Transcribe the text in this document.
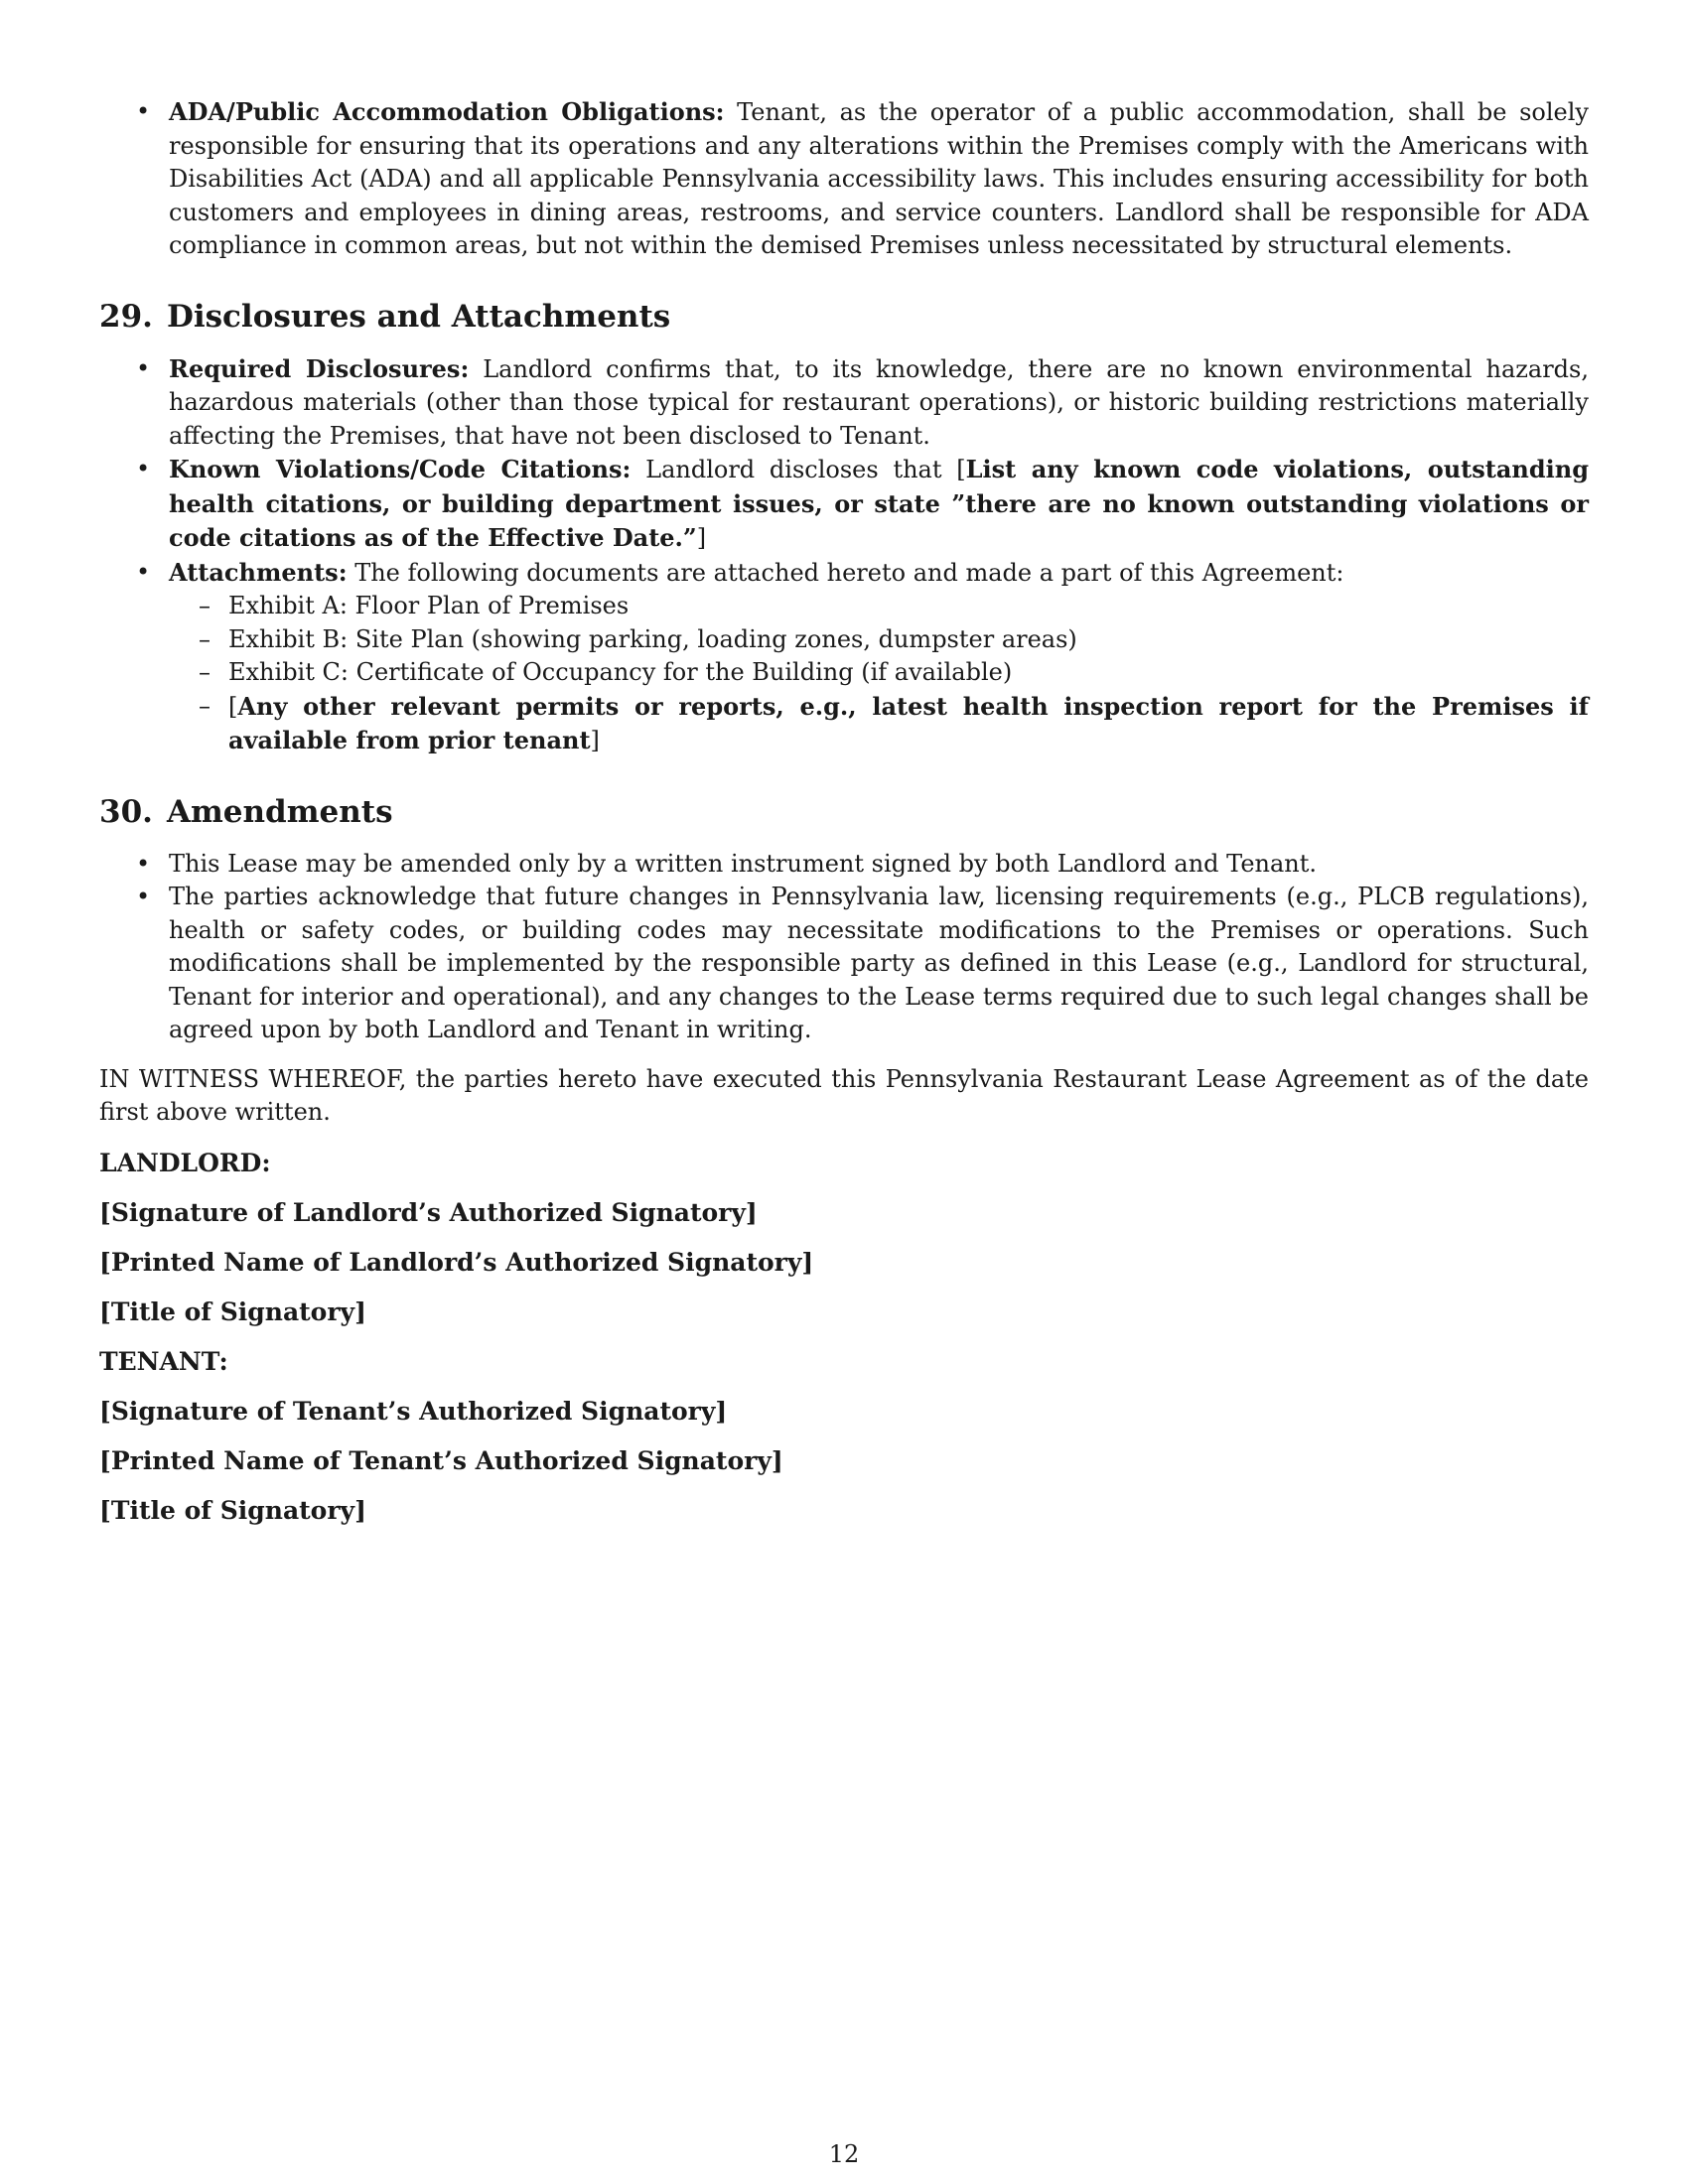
• ADA/Public Accommodation Obligations: Tenant, as the operator of a public accommodation, shall be solely responsible for ensuring that its operations and any alterations within the Premises comply with the Americans with Disabilities Act (ADA) and all applicable Pennsylvania accessibility laws. This includes ensuring accessibility for both customers and employees in dining areas, restrooms, and service counters. Landlord shall be responsible for ADA compliance in common areas, but not within the demised Premises unless necessitated by structural elements.
29. Disclosures and Attachments
• Required Disclosures: Landlord confirms that, to its knowledge, there are no known environmental hazards, hazardous materials (other than those typical for restaurant operations), or historic building restrictions materially affecting the Premises, that have not been disclosed to Tenant.
• Known Violations/Code Citations: Landlord discloses that [List any known code violations, outstanding health citations, or building department issues, or state ”there are no known outstanding violations or code citations as of the Effective Date.”]
• Attachments: The following documents are attached hereto and made a part of this Agreement:
– Exhibit A: Floor Plan of Premises
– Exhibit B: Site Plan (showing parking, loading zones, dumpster areas)
– Exhibit C: Certificate of Occupancy for the Building (if available)
– [Any other relevant permits or reports, e.g., latest health inspection report for the Premises if available from prior tenant]
30. Amendments
• This Lease may be amended only by a written instrument signed by both Landlord and Tenant.
• The parties acknowledge that future changes in Pennsylvania law, licensing requirements (e.g., PLCB regulations), health or safety codes, or building codes may necessitate modifications to the Premises or operations. Such modifications shall be implemented by the responsible party as defined in this Lease (e.g., Landlord for structural, Tenant for interior and operational), and any changes to the Lease terms required due to such legal changes shall be agreed upon by both Landlord and Tenant in writing.

IN WITNESS WHEREOF, the parties hereto have executed this Pennsylvania Restaurant Lease Agreement as of the date first above written.

LANDLORD:

[Signature of Landlord’s Authorized Signatory]

[Printed Name of Landlord’s Authorized Signatory]

[Title of Signatory]

TENANT:

[Signature of Tenant’s Authorized Signatory]

[Printed Name of Tenant’s Authorized Signatory]

[Title of Signatory]

12
